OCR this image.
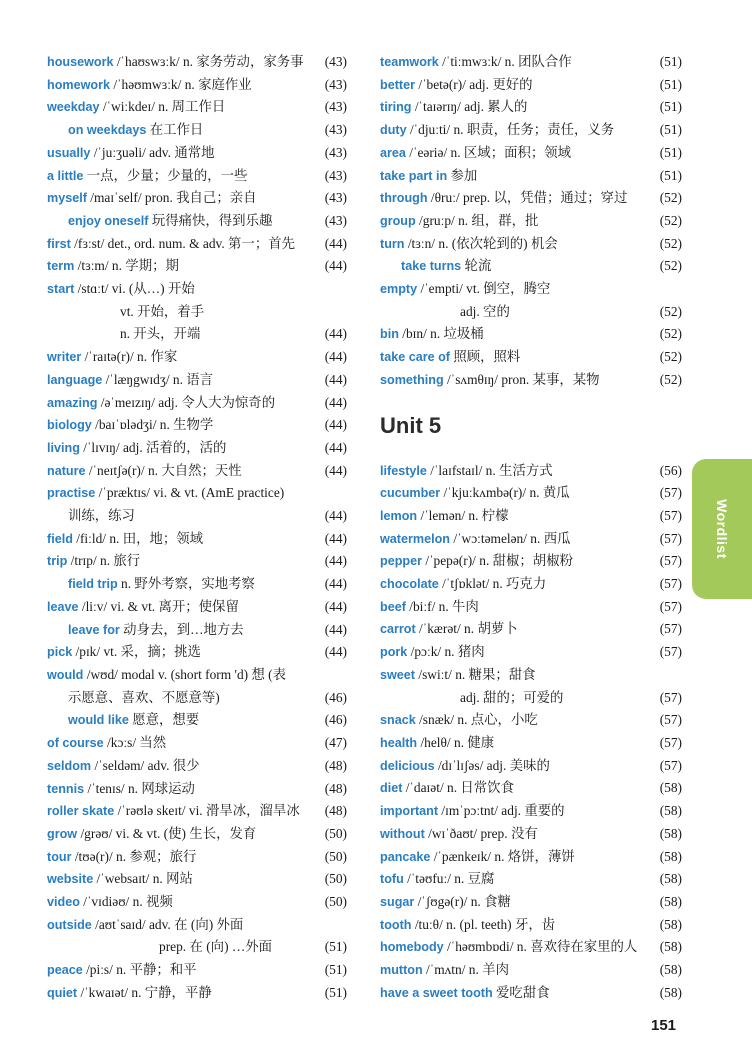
housework /ˈhaʊswɜːk/ n. 家务劳动，家务事 (43)
homework /ˈhəʊmwɜːk/ n. 家庭作业	(43)
weekday /ˈwiːkdeɪ/ n. 周工作日	(43)
on weekdays 在工作日	(43)
usually /ˈjuːʒuəli/ adv. 通常地	(43)
a little 一点，少量；少量的，一些	(43)
myself /maɪˈself/ pron. 我自己；亲自	(43)
enjoy oneself 玩得痛快，得到乐趣	(43)
first /fɜːst/ det., ord. num. & adv. 第一；首先 (44)
term /tɜːm/ n. 学期；期	(44)
start /stɑːt/ vi. (从…) 开始
vt. 开始，着手
n. 开头，开端	(44)
writer /ˈraɪtə(r)/ n. 作家	(44)
language /ˈlæŋgwɪdʒ/ n. 语言	(44)
amazing /əˈmeɪzɪŋ/ adj. 令人大为惊奇的	(44)
biology /baɪˈɒlədʒi/ n. 生物学	(44)
living /ˈlɪvɪŋ/ adj. 活着的，活的	(44)
nature /ˈneɪtʃə(r)/ n. 大自然；天性	(44)
practise /ˈpræktɪs/ vi. & vt. (AmE practice)
训练，练习	(44)
field /fiːld/ n. 田，地；领域	(44)
trip /trɪp/ n. 旅行	(44)
field trip n. 野外考察，实地考察	(44)
leave /liːv/ vi. & vt. 离开；使保留	(44)
leave for 动身去，到…地方去	(44)
pick /pɪk/ vt. 采，摘；挑选	(44)
would /wʊd/ modal v. (short form 'd) 想 (表
示愿意、喜欢、不愿意等)	(46)
would like 愿意，想要	(46)
of course /kɔːs/ 当然	(47)
seldom /ˈseldəm/ adv. 很少	(48)
tennis /ˈtenɪs/ n. 网球运动	(48)
roller skate /ˈrəʊlə skeɪt/ vi. 滑旱冰，溜旱冰 (48)
grow /grəʊ/ vi. & vt. (使) 生长，发育	(50)
tour /tʊə(r)/ n. 参观；旅行	(50)
website /ˈwebsaɪt/ n. 网站	(50)
video /ˈvɪdiəʊ/ n. 视频	(50)
outside /aʊtˈsaɪd/ adv. 在 (向) 外面
prep. 在 (向) …外面	(51)
peace /piːs/ n. 平静；和平	(51)
quiet /ˈkwaɪət/ n. 宁静，平静	(51)
teamwork /ˈtiːmwɜːk/ n. 团队合作	(51)
better /ˈbetə(r)/ adj. 更好的	(51)
tiring /ˈtaɪərɪŋ/ adj. 累人的	(51)
duty /ˈdjuːti/ n. 职责，任务；责任，义务	(51)
area /ˈeəriə/ n. 区域；面积；领域	(51)
take part in 参加	(51)
through /θruː/ prep. 以，凭借；通过；穿过 (52)
group /gruːp/ n. 组，群，批	(52)
turn /tɜːn/ n. (依次轮到的) 机会	(52)
take turns 轮流	(52)
empty /ˈempti/ vt. 倒空，腾空
adj. 空的	(52)
bin /bɪn/ n. 垃圾桶	(52)
take care of 照顾，照料	(52)
something /ˈsʌmθɪŋ/ pron. 某事，某物	(52)
Unit 5
lifestyle /ˈlaɪfstaɪl/ n. 生活方式	(56)
cucumber /ˈkjuːkʌmbə(r)/ n. 黄瓜	(57)
lemon /ˈlemən/ n. 柠檬	(57)
watermelon /ˈwɔːtəmelən/ n. 西瓜	(57)
pepper /ˈpepə(r)/ n. 甜椒；胡椒粉	(57)
chocolate /ˈtʃɒklət/ n. 巧克力	(57)
beef /biːf/ n. 牛肉	(57)
carrot /ˈkærət/ n. 胡萝卜	(57)
pork /pɔːk/ n. 猪肉	(57)
sweet /swiːt/ n. 糖果；甜食
adj. 甜的；可爱的	(57)
snack /snæk/ n. 点心，小吃	(57)
health /helθ/ n. 健康	(57)
delicious /dɪˈlɪʃəs/ adj. 美味的	(57)
diet /ˈdaɪət/ n. 日常饮食	(58)
important /ɪmˈpɔːtnt/ adj. 重要的	(58)
without /wɪˈðaʊt/ prep. 没有	(58)
pancake /ˈpænkeɪk/ n. 烙饼，薄饼	(58)
tofu /ˈtəʊfuː/ n. 豆腐	(58)
sugar /ˈʃʊgə(r)/ n. 食糖	(58)
tooth /tuːθ/ n. (pl. teeth) 牙，齿	(58)
homebody /ˈhəʊmbɒdi/ n. 喜欢待在家里的人 (58)
mutton /ˈmʌtn/ n. 羊肉	(58)
have a sweet tooth 爱吃甜食	(58)
Wordlist
151
